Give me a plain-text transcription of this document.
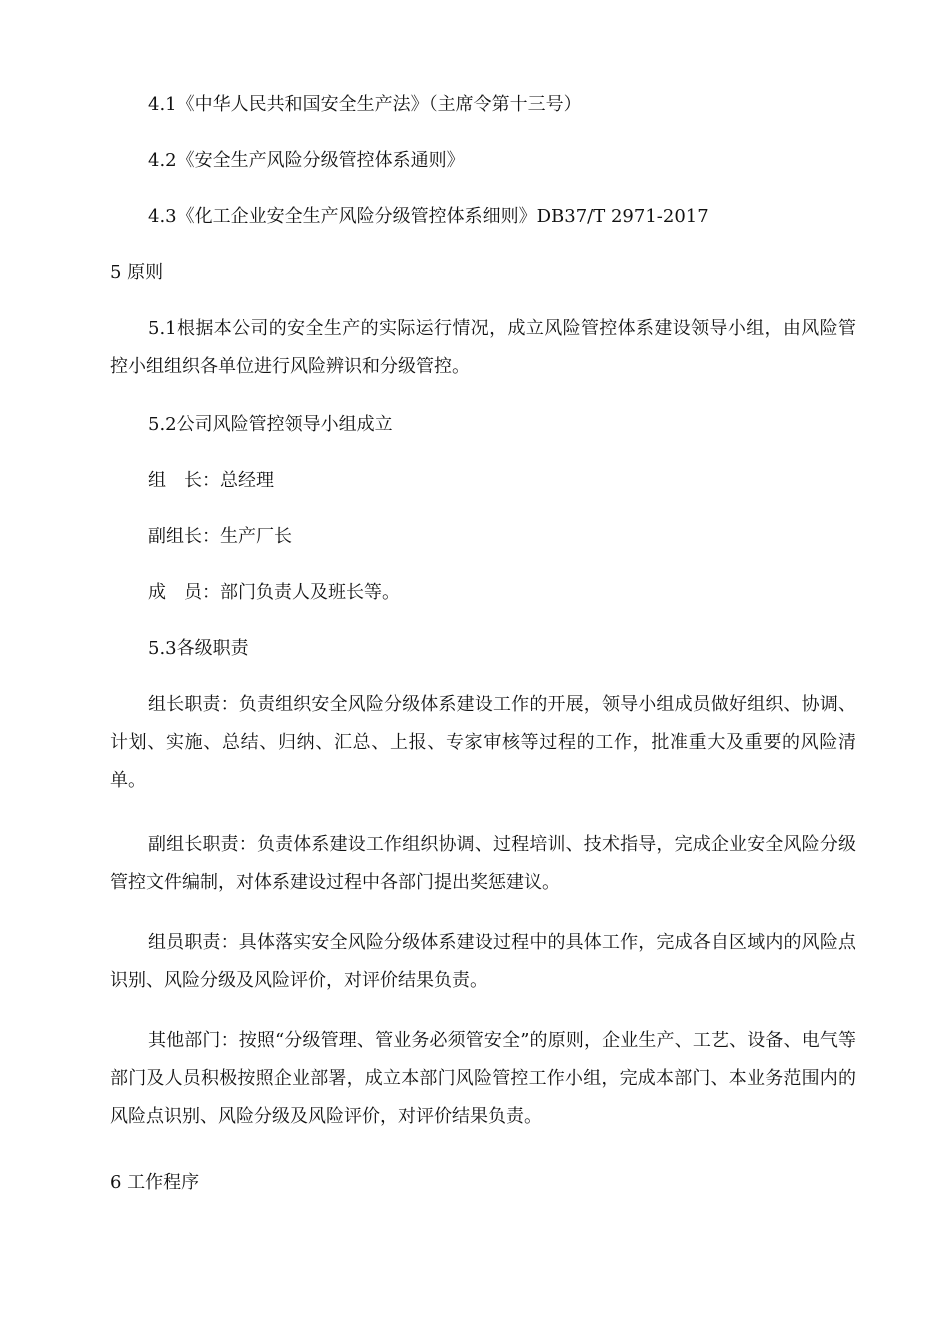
4.1《中华人民共和国安全生产法》（主席令第十三号）

4.2《安全生产风险分级管控体系通则》

4.3《化工企业安全生产风险分级管控体系细则》DB37/T 2971-2017

5 原则

5.1根据本公司的安全生产的实际运行情况，成立风险管控体系建设领导小组，由风险管控小组组织各单位进行风险辨识和分级管控。

5.2公司风险管控领导小组成立

组　长：总经理

副组长：生产厂长

成　员：部门负责人及班长等。

5.3各级职责

组长职责：负责组织安全风险分级体系建设工作的开展，领导小组成员做好组织、协调、计划、实施、总结、归纳、汇总、上报、专家审核等过程的工作，批准重大及重要的风险清单。

副组长职责：负责体系建设工作组织协调、过程培训、技术指导，完成企业安全风险分级管控文件编制，对体系建设过程中各部门提出奖惩建议。

组员职责：具体落实安全风险分级体系建设过程中的具体工作，完成各自区域内的风险点识别、风险分级及风险评价，对评价结果负责。

其他部门：按照“分级管理、管业务必须管安全”的原则，企业生产、工艺、设备、电气等部门及人员积极按照企业部署，成立本部门风险管控工作小组，完成本部门、本业务范围内的风险点识别、风险分级及风险评价，对评价结果负责。

6 工作程序
